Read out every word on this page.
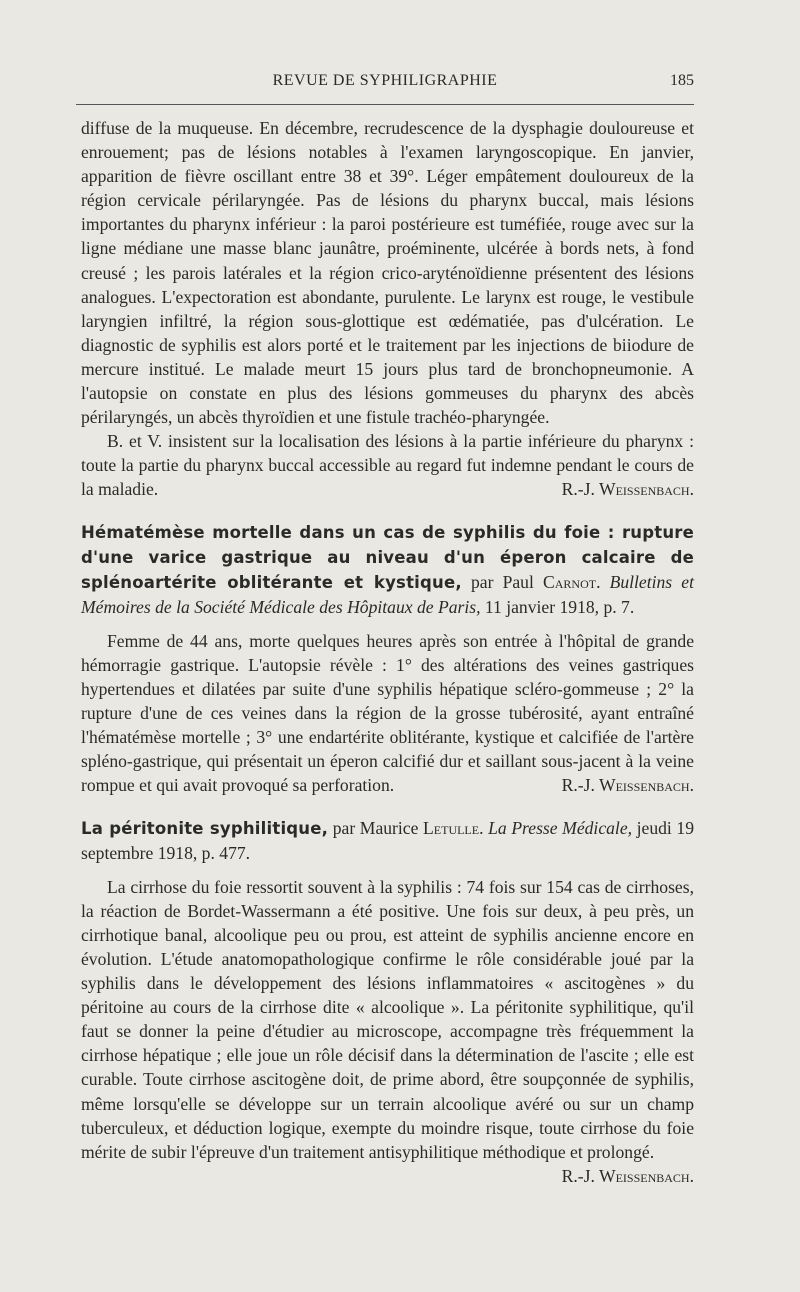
REVUE DE SYPHILIGRAPHIE	185

diffuse de la muqueuse. En décembre, recrudescence de la dysphagie douloureuse et enrouement; pas de lésions notables à l'examen laryngoscopique. En janvier, apparition de fièvre oscillant entre 38 et 39°. Léger empâtement douloureux de la région cervicale périlaryngée. Pas de lésions du pharynx buccal, mais lésions importantes du pharynx inférieur : la paroi postérieure est tuméfiée, rouge avec sur la ligne médiane une masse blanc jaunâtre, proéminente, ulcérée à bords nets, à fond creusé ; les parois latérales et la région crico-aryténoïdienne présentent des lésions analogues. L'expectoration est abondante, purulente. Le larynx est rouge, le vestibule laryngien infiltré, la région sous-glottique est œdématiée, pas d'ulcération. Le diagnostic de syphilis est alors porté et le traitement par les injections de biiodure de mercure institué. Le malade meurt 15 jours plus tard de bronchopneumonie. A l'autopsie on constate en plus des lésions gommeuses du pharynx des abcès périlaryngés, un abcès thyroïdien et une fistule trachéo-pharyngée.

B. et V. insistent sur la localisation des lésions à la partie inférieure du pharynx : toute la partie du pharynx buccal accessible au regard fut indemne pendant le cours de la maladie.	R.-J. Weissenbach.

Hématémèse mortelle dans un cas de syphilis du foie : rupture d'une varice gastrique au niveau d'un éperon calcaire de splénoartérite oblitérante et kystique, par Paul Carnot. Bulletins et Mémoires de la Société Médicale des Hôpitaux de Paris, 11 janvier 1918, p. 7.

Femme de 44 ans, morte quelques heures après son entrée à l'hôpital de grande hémorragie gastrique. L'autopsie révèle : 1° des altérations des veines gastriques hypertendues et dilatées par suite d'une syphilis hépatique scléro-gommeuse ; 2° la rupture d'une de ces veines dans la région de la grosse tubérosité, ayant entraîné l'hématémèse mortelle ; 3° une endartérite oblitérante, kystique et calcifiée de l'artère spléno-gastrique, qui présentait un éperon calcifié dur et saillant sous-jacent à la veine rompue et qui avait provoqué sa perforation.	R.-J. Weissenbach.

La péritonite syphilitique, par Maurice Letulle. La Presse Médicale, jeudi 19 septembre 1918, p. 477.

La cirrhose du foie ressortit souvent à la syphilis : 74 fois sur 154 cas de cirrhoses, la réaction de Bordet-Wassermann a été positive. Une fois sur deux, à peu près, un cirrhotique banal, alcoolique peu ou prou, est atteint de syphilis ancienne encore en évolution. L'étude anatomopathologique confirme le rôle considérable joué par la syphilis dans le développement des lésions inflammatoires « ascitogènes » du péritoine au cours de la cirrhose dite « alcoolique ». La péritonite syphilitique, qu'il faut se donner la peine d'étudier au microscope, accompagne très fréquemment la cirrhose hépatique ; elle joue un rôle décisif dans la détermination de l'ascite ; elle est curable. Toute cirrhose ascitogène doit, de prime abord, être soupçonnée de syphilis, même lorsqu'elle se développe sur un terrain alcoolique avéré ou sur un champ tuberculeux, et déduction logique, exempte du moindre risque, toute cirrhose du foie mérite de subir l'épreuve d'un traitement antisyphilitique méthodique et prolongé.
R.-J. Weissenbach.
